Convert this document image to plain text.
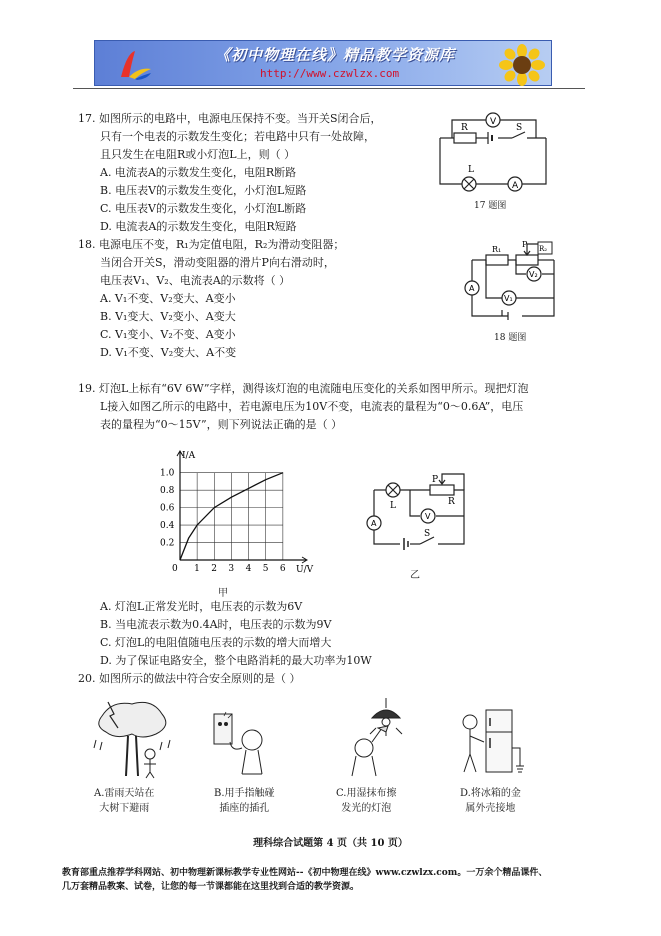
《初中物理在线》精品教学资源库
http://www.czwlzx.com
17. 如图所示的电路中，电源电压保持不变。当开关S闭合后，
只有一个电表的示数发生变化；若电路中只有一处故障，
且只发生在电阻R或小灯泡L上，则（ ）
A. 电流表A的示数发生变化，电阻R断路
B. 电压表V的示数发生变化，小灯泡L短路
C. 电压表V的示数发生变化，小灯泡L断路
D. 电流表A的示数发生变化，电阻R短路
V
R	S
L
A
17 题图
18. 电源电压不变，R₁为定值电阻，R₂为滑动变阻器；
当闭合开关S，滑动变阻器的滑片P向右滑动时，
电压表V₁、V₂、电流表A的示数将（ ）
A. V₁不变、V₂变大、A变小
B. V₁变大、V₂变小、A变大
C. V₁变小、V₂不变、A变小
D. V₁不变、V₂变大、A不变
P R₂
R₁
V₂
A
V₁
18 题图
19. 灯泡L上标有“6V 6W”字样，测得该灯泡的电流随电压变化的关系如图甲所示。现把灯泡
L接入如图乙所示的电路中，若电源电压为10V不变，电流表的量程为“0～0.6A”，电压
表的量程为“0～15V”，则下列说法正确的是（ ）
1 2 3 4 5 6
0.2
0.4
0.6
0.8
1.0
0
I/A
U/V
甲
P
R
L
V
A
S
乙
A. 灯泡L正常发光时，电压表的示数为6V
B. 当电流表示数为0.4A时，电压表的示数为9V
C. 灯泡L的电阻值随电压表的示数的增大而增大
D. 为了保证电路安全，整个电路消耗的最大功率为10W
20. 如图所示的做法中符合安全原则的是（ ）
A.雷雨天站在
大树下避雨
B.用手指触碰
插座的插孔
C.用湿抹布擦
发光的灯泡
D.将冰箱的金
属外壳接地
理科综合试题第 4 页（共 10 页）
教育部重点推荐学科网站、初中物理新课标教学专业性网站--《初中物理在线》www.czwlzx.com。一万余个精品课件、
几万套精品教案、试卷，让您的每一节课都能在这里找到合适的教学资源。
